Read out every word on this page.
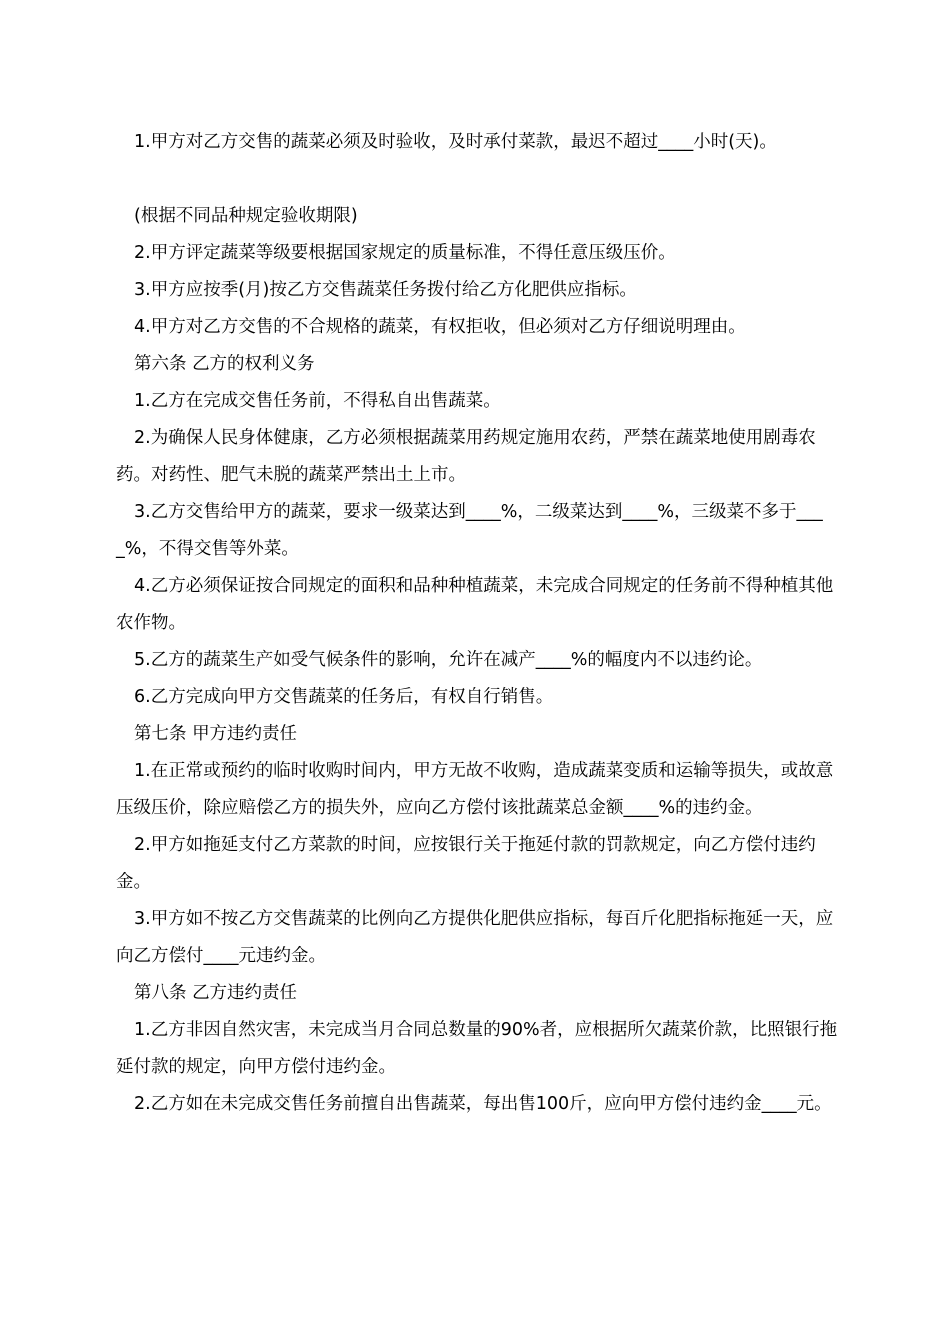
1.甲方对乙方交售的蔬菜必须及时验收，及时承付菜款，最迟不超过____小时(天)。

(根据不同品种规定验收期限)

2.甲方评定蔬菜等级要根据国家规定的质量标准，不得任意压级压价。

3.甲方应按季(月)按乙方交售蔬菜任务拨付给乙方化肥供应指标。

4.甲方对乙方交售的不合规格的蔬菜，有权拒收，但必须对乙方仔细说明理由。

第六条 乙方的权利义务

1.乙方在完成交售任务前，不得私自出售蔬菜。

2.为确保人民身体健康，乙方必须根据蔬菜用药规定施用农药，严禁在蔬菜地使用剧毒农药。对药性、肥气未脱的蔬菜严禁出土上市。

3.乙方交售给甲方的蔬菜，要求一级菜达到____%，二级菜达到____%，三级菜不多于____%，不得交售等外菜。

4.乙方必须保证按合同规定的面积和品种种植蔬菜，未完成合同规定的任务前不得种植其他农作物。

5.乙方的蔬菜生产如受气候条件的影响，允许在减产____%的幅度内不以违约论。

6.乙方完成向甲方交售蔬菜的任务后，有权自行销售。

第七条 甲方违约责任

1.在正常或预约的临时收购时间内，甲方无故不收购，造成蔬菜变质和运输等损失，或故意压级压价，除应赔偿乙方的损失外，应向乙方偿付该批蔬菜总金额____%的违约金。

2.甲方如拖延支付乙方菜款的时间，应按银行关于拖延付款的罚款规定，向乙方偿付违约金。

3.甲方如不按乙方交售蔬菜的比例向乙方提供化肥供应指标，每百斤化肥指标拖延一天，应向乙方偿付____元违约金。

第八条 乙方违约责任

1.乙方非因自然灾害，未完成当月合同总数量的90%者，应根据所欠蔬菜价款，比照银行拖延付款的规定，向甲方偿付违约金。

2.乙方如在未完成交售任务前擅自出售蔬菜，每出售100斤，应向甲方偿付违约金____元。
